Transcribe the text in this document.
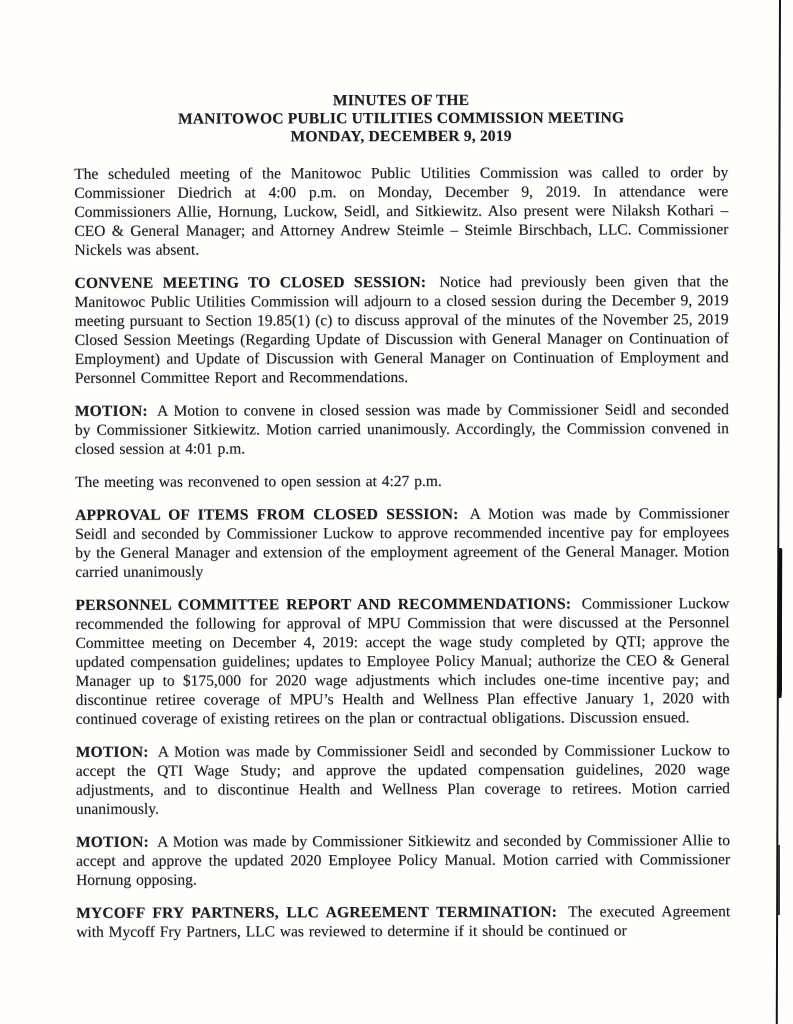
MINUTES OF THE
MANITOWOC PUBLIC UTILITIES COMMISSION MEETING
MONDAY, DECEMBER 9, 2019

The scheduled meeting of the Manitowoc Public Utilities Commission was called to order by Commissioner Diedrich at 4:00 p.m. on Monday, December 9, 2019. In attendance were Commissioners Allie, Hornung, Luckow, Seidl, and Sitkiewitz. Also present were Nilaksh Kothari – CEO & General Manager; and Attorney Andrew Steimle – Steimle Birschbach, LLC. Commissioner Nickels was absent.

CONVENE MEETING TO CLOSED SESSION: Notice had previously been given that the Manitowoc Public Utilities Commission will adjourn to a closed session during the December 9, 2019 meeting pursuant to Section 19.85(1) (c) to discuss approval of the minutes of the November 25, 2019 Closed Session Meetings (Regarding Update of Discussion with General Manager on Continuation of Employment) and Update of Discussion with General Manager on Continuation of Employment and Personnel Committee Report and Recommendations.

MOTION: A Motion to convene in closed session was made by Commissioner Seidl and seconded by Commissioner Sitkiewitz. Motion carried unanimously. Accordingly, the Commission convened in closed session at 4:01 p.m.

The meeting was reconvened to open session at 4:27 p.m.

APPROVAL OF ITEMS FROM CLOSED SESSION: A Motion was made by Commissioner Seidl and seconded by Commissioner Luckow to approve recommended incentive pay for employees by the General Manager and extension of the employment agreement of the General Manager. Motion carried unanimously

PERSONNEL COMMITTEE REPORT AND RECOMMENDATIONS: Commissioner Luckow recommended the following for approval of MPU Commission that were discussed at the Personnel Committee meeting on December 4, 2019: accept the wage study completed by QTI; approve the updated compensation guidelines; updates to Employee Policy Manual; authorize the CEO & General Manager up to $175,000 for 2020 wage adjustments which includes one-time incentive pay; and discontinue retiree coverage of MPU’s Health and Wellness Plan effective January 1, 2020 with continued coverage of existing retirees on the plan or contractual obligations. Discussion ensued.

MOTION: A Motion was made by Commissioner Seidl and seconded by Commissioner Luckow to accept the QTI Wage Study; and approve the updated compensation guidelines, 2020 wage adjustments, and to discontinue Health and Wellness Plan coverage to retirees. Motion carried unanimously.

MOTION: A Motion was made by Commissioner Sitkiewitz and seconded by Commissioner Allie to accept and approve the updated 2020 Employee Policy Manual. Motion carried with Commissioner Hornung opposing.

MYCOFF FRY PARTNERS, LLC AGREEMENT TERMINATION: The executed Agreement with Mycoff Fry Partners, LLC was reviewed to determine if it should be continued or
